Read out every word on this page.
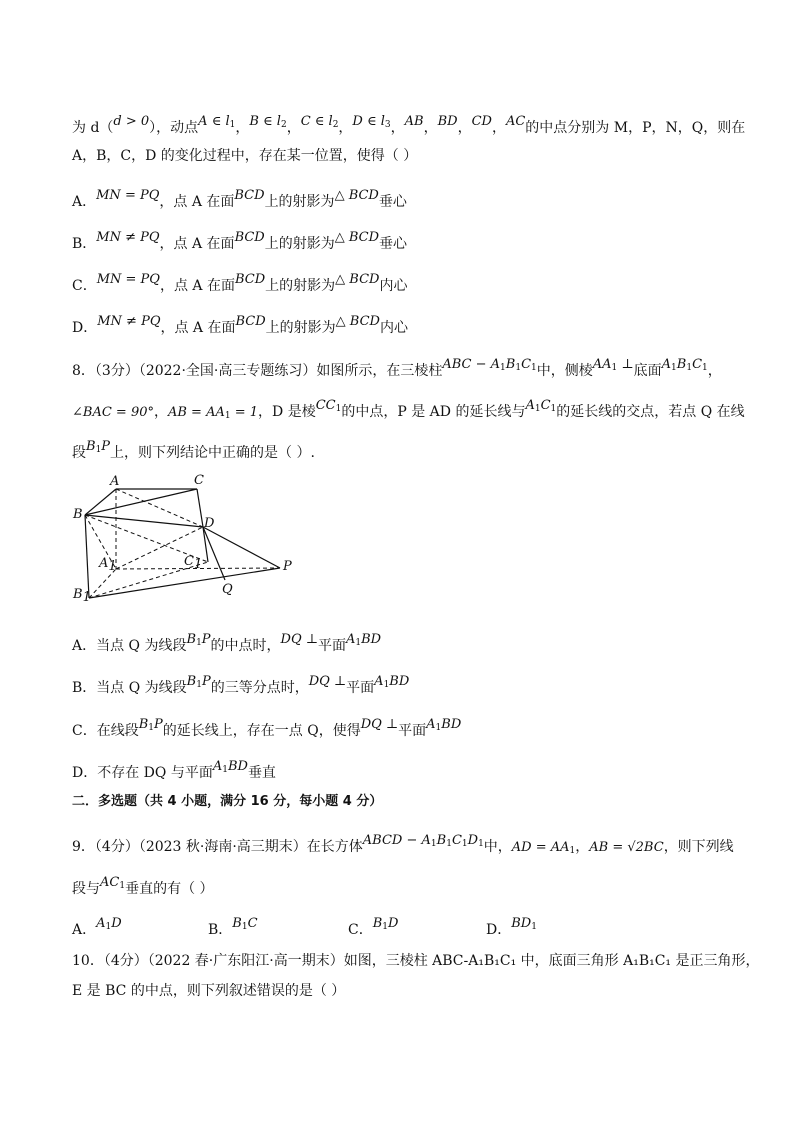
为 d（d > 0），动点A ∈ l1，B ∈ l2，C ∈ l2，D ∈ l3，AB，BD，CD，AC的中点分别为 M，P，N，Q，则在
A，B，C，D 的变化过程中，存在某一位置，使得（ ）
A．MN = PQ，点 A 在面BCD上的射影为△ BCD垂心
B．MN ≠ PQ，点 A 在面BCD上的射影为△ BCD垂心
C．MN = PQ，点 A 在面BCD上的射影为△ BCD内心
D．MN ≠ PQ，点 A 在面BCD上的射影为△ BCD内心
8．（3分）（2022·全国·高三专题练习）如图所示，在三棱柱ABC − A1B1C1中，侧棱AA1 ⊥底面A1B1C1，
∠BAC = 90°，AB = AA1 = 1，D 是棱CC1的中点，P 是 AD 的延长线与A1C1的延长线的交点，若点 Q 在线
段B1P上，则下列结论中正确的是（ ）.
A	C
B
D
A1	C1
B1
P
Q
A．当点 Q 为线段B1P的中点时，DQ ⊥平面A1BD
B．当点 Q 为线段B1P的三等分点时，DQ ⊥平面A1BD
C．在线段B1P的延长线上，存在一点 Q，使得DQ ⊥平面A1BD
D．不存在 DQ 与平面A1BD垂直
二．多选题（共 4 小题，满分 16 分，每小题 4 分）
9．（4分）（2023 秋·海南·高三期末）在长方体ABCD − A1B1C1D1中，AD = AA1，AB = √2BC，则下列线
段与AC1垂直的有（ ）
A．A1D	B．B1C	C．B1D	D．BD1
10．（4分）（2022 春·广东阳江·高一期末）如图，三棱柱 ABC-A₁B₁C₁ 中，底面三角形 A₁B₁C₁ 是正三角形，
E 是 BC 的中点，则下列叙述错误的是（ ）
